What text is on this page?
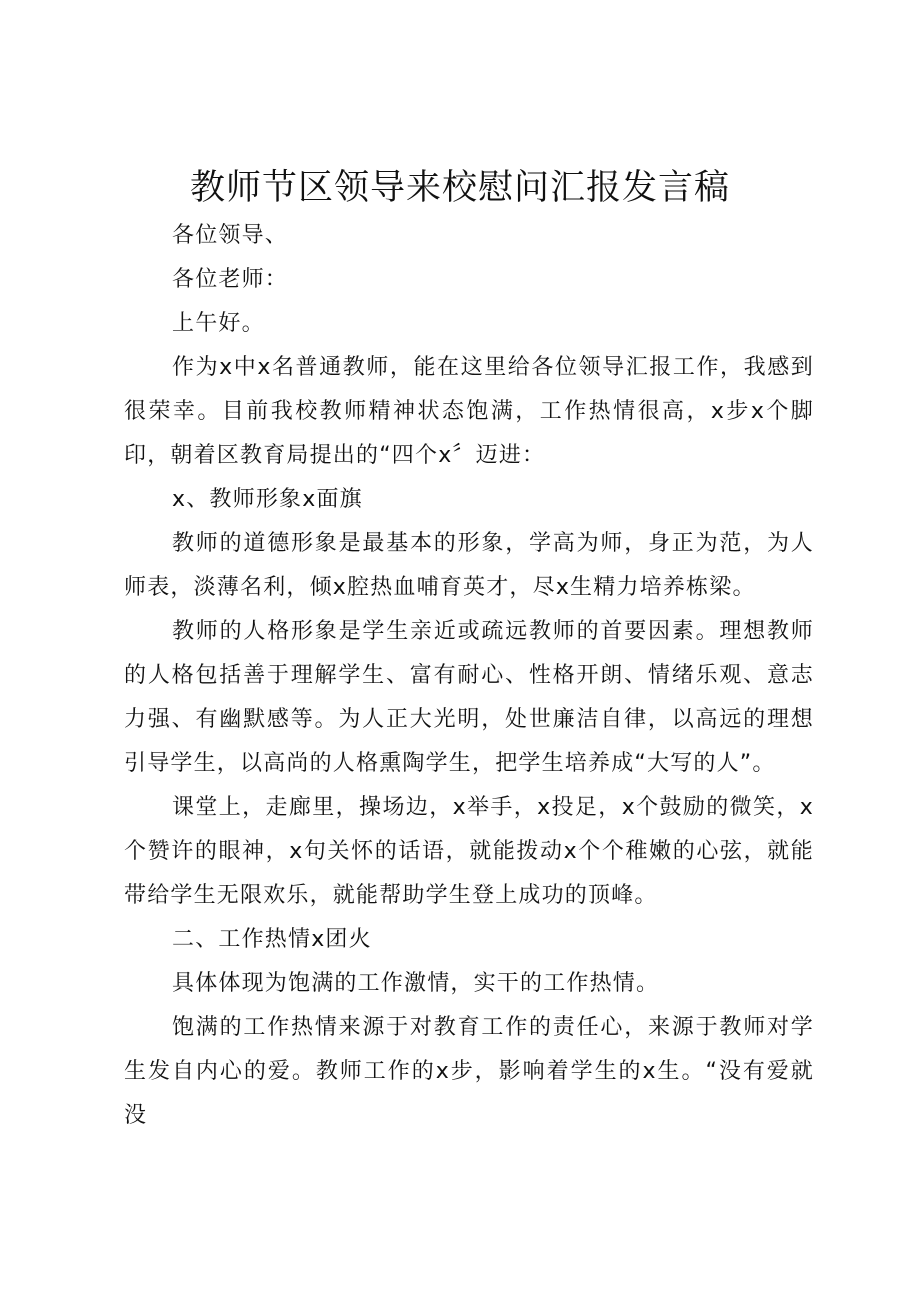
教师节区领导来校慰问汇报发言稿

各位领导、

各位老师：

上午好。

作为x中x名普通教师，能在这里给各位领导汇报工作，我感到很荣幸。目前我校教师精神状态饱满，工作热情很高，x步x个脚印，朝着区教育局提出的“四个x〞迈进：

x、教师形象x面旗

教师的道德形象是最基本的形象，学高为师，身正为范，为人师表，淡薄名利，倾x腔热血哺育英才，尽x生精力培养栋梁。

教师的人格形象是学生亲近或疏远教师的首要因素。理想教师的人格包括善于理解学生、富有耐心、性格开朗、情绪乐观、意志力强、有幽默感等。为人正大光明，处世廉洁自律，以高远的理想引导学生，以高尚的人格熏陶学生，把学生培养成“大写的人”。

课堂上，走廊里，操场边，x举手，x投足，x个鼓励的微笑，x个赞许的眼神，x句关怀的话语，就能拨动x个个稚嫩的心弦，就能带给学生无限欢乐，就能帮助学生登上成功的顶峰。

二、工作热情x团火

具体体现为饱满的工作激情，实干的工作热情。

饱满的工作热情来源于对教育工作的责任心，来源于教师对学生发自内心的爱。教师工作的x步，影响着学生的x生。“没有爱就没
